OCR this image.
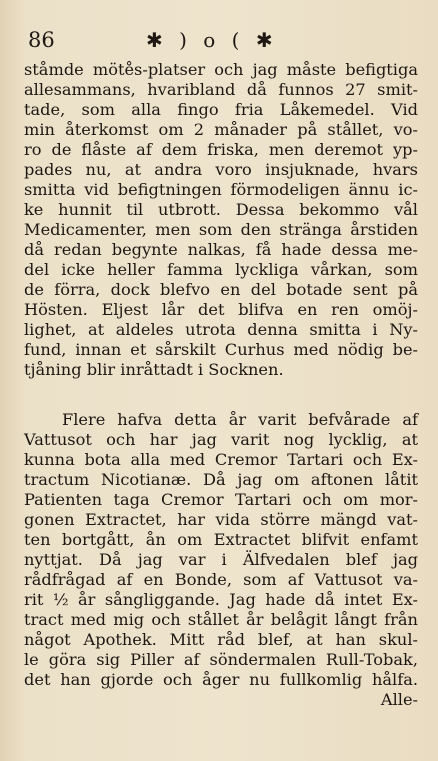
86	✱ ) o ( ✱
ståmde möte̊s-platser och jag måste befigtiga
allesammans, hvaribland då funnos 27 smit-
tade, som alla fingo fria Låkemedel. Vid
min återkomst om 2 månader på stållet, vo-
ro de flåste af dem friska, men deremot yp-
pades nu, at andra voro insjuknade, hvars
smitta vid befigtningen förmodeligen ännu ic-
ke hunnit til utbrott. Dessa bekommo vål
Medicamenter, men som den stränga årstiden
då redan begynte nalkas, få hade dessa me-
del icke heller famma lyckliga vårkan, som
de förra, dock blefvo en del botade sent på
Hösten. Eljest lår det blifva en ren omöj-
lighet, at aldeles utrota denna smitta i Ny-
fund, innan et sårskilt Curhus med nödig be-
tjåning blir inråttadt i Socknen.
Flere hafva detta år varit befvårade af
Vattusot och har jag varit nog lycklig, at
kunna bota alla med Cremor Tartari och Ex-
tractum Nicotianæ. Då jag om aftonen låtit
Patienten taga Cremor Tartari och om mor-
gonen Extractet, har vida större mängd vat-
ten bortgått, ån om Extractet blifvit enfamt
nyttjat. Då jag var i Älfvedalen blef jag
rådfrågad af en Bonde, som af Vattusot va-
rit ½ år sångliggande. Jag hade då intet Ex-
tract med mig och stållet år belågit långt från
något Apothek. Mitt råd blef, at han skul-
le göra sig Piller af söndermalen Rull-Tobak,
det han gjorde och åger nu fullkomlig hålfa.
Alle-
